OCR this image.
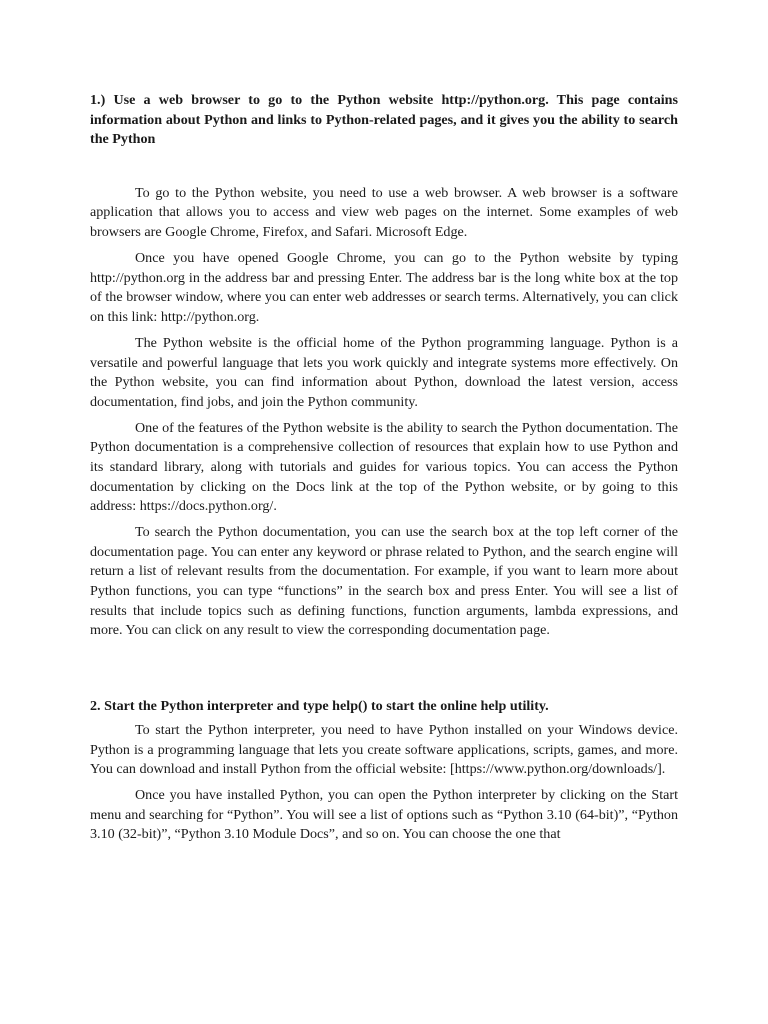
1.) Use a web browser to go to the Python website http://python.org. This page contains information about Python and links to Python-related pages, and it gives you the ability to search the Python

To go to the Python website, you need to use a web browser. A web browser is a software application that allows you to access and view web pages on the internet. Some examples of web browsers are Google Chrome, Firefox, and Safari. Microsoft Edge.

Once you have opened Google Chrome, you can go to the Python website by typing http://python.org in the address bar and pressing Enter. The address bar is the long white box at the top of the browser window, where you can enter web addresses or search terms. Alternatively, you can click on this link: http://python.org.

The Python website is the official home of the Python programming language. Python is a versatile and powerful language that lets you work quickly and integrate systems more effectively. On the Python website, you can find information about Python, download the latest version, access documentation, find jobs, and join the Python community.

One of the features of the Python website is the ability to search the Python documentation. The Python documentation is a comprehensive collection of resources that explain how to use Python and its standard library, along with tutorials and guides for various topics. You can access the Python documentation by clicking on the Docs link at the top of the Python website, or by going to this address: https://docs.python.org/.

To search the Python documentation, you can use the search box at the top left corner of the documentation page. You can enter any keyword or phrase related to Python, and the search engine will return a list of relevant results from the documentation. For example, if you want to learn more about Python functions, you can type “functions” in the search box and press Enter. You will see a list of results that include topics such as defining functions, function arguments, lambda expressions, and more. You can click on any result to view the corresponding documentation page.

2. Start the Python interpreter and type help() to start the online help utility.

To start the Python interpreter, you need to have Python installed on your Windows device. Python is a programming language that lets you create software applications, scripts, games, and more. You can download and install Python from the official website: [https://www.python.org/downloads/].

Once you have installed Python, you can open the Python interpreter by clicking on the Start menu and searching for “Python”. You will see a list of options such as “Python 3.10 (64-bit)”, “Python 3.10 (32-bit)”, “Python 3.10 Module Docs”, and so on. You can choose the one that
